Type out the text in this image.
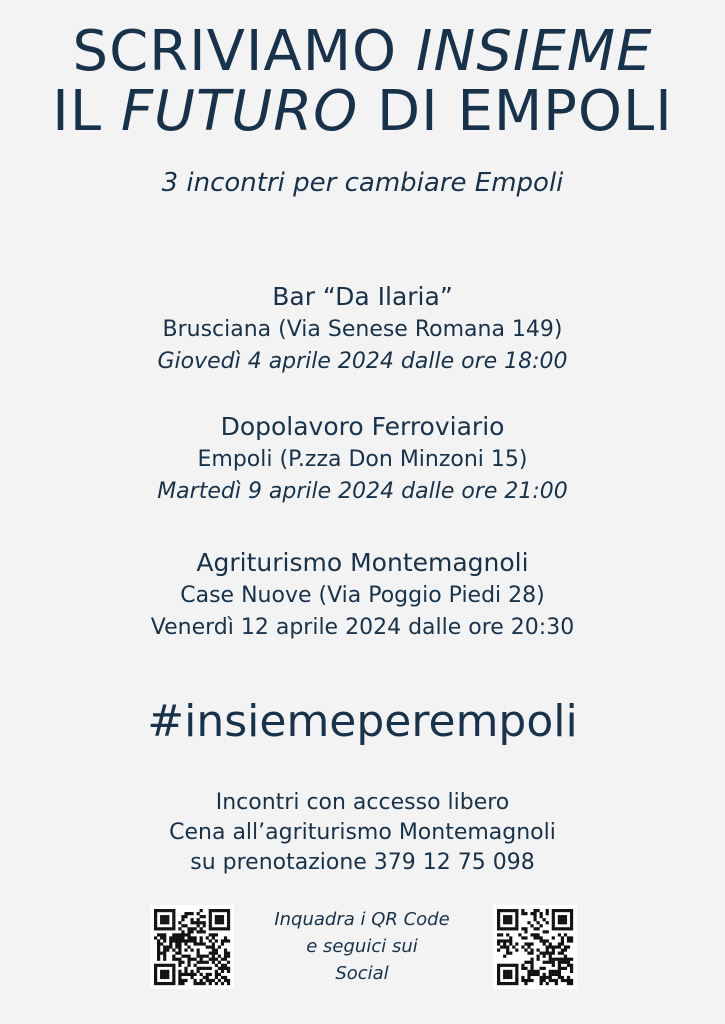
SCRIVIAMO INSIEME
IL FUTURO DI EMPOLI
3 incontri per cambiare Empoli
Bar “Da Ilaria”
Brusciana (Via Senese Romana 149)
Giovedì 4 aprile 2024 dalle ore 18:00
Dopolavoro Ferroviario
Empoli (P.zza Don Minzoni 15)
Martedì 9 aprile 2024 dalle ore 21:00
Agriturismo Montemagnoli
Case Nuove (Via Poggio Piedi 28)
Venerdì 12 aprile 2024 dalle ore 20:30
#insiemeperempoli
Incontri con accesso libero
Cena all’agriturismo Montemagnoli
su prenotazione 379 12 75 098
Inquadra i QR Code
e seguici sui
Social
